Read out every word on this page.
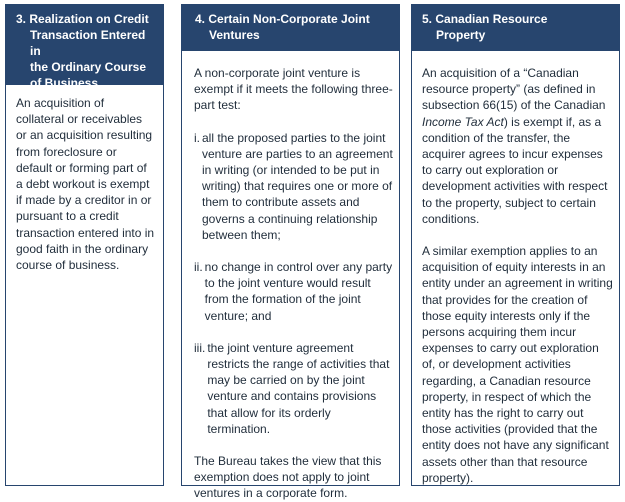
3. Realization on Credit
Transaction Entered in
the Ordinary Course
of Business

An acquisition of collateral or receivables or an acquisition resulting from foreclosure or default or forming part of a debt workout is exempt if made by a creditor in or pursuant to a credit transaction entered into in good faith in the ordinary course of business.

4. Certain Non-Corporate Joint
Ventures

A non-corporate joint venture is exempt if it meets the following three-part test:

i. all the proposed parties to the joint venture are parties to an agreement in writing (or intended to be put in writing) that requires one or more of them to contribute assets and governs a continuing relationship between them;
ii. no change in control over any party to the joint venture would result from the formation of the joint venture; and
iii. the joint venture agreement restricts the range of activities that may be carried on by the joint venture and contains provisions that allow for its orderly termination.

The Bureau takes the view that this exemption does not apply to joint ventures in a corporate form.

5. Canadian Resource
Property

An acquisition of a “Canadian resource property” (as defined in subsection 66(15) of the Canadian Income Tax Act) is exempt if, as a condition of the transfer, the acquirer agrees to incur expenses to carry out exploration or development activities with respect to the property, subject to certain conditions.

A similar exemption applies to an acquisition of equity interests in an entity under an agreement in writing that provides for the creation of those equity interests only if the persons acquiring them incur expenses to carry out exploration of, or development activities regarding, a Canadian resource property, in respect of which the entity has the right to carry out those activities (provided that the entity does not have any significant assets other than that resource property).
